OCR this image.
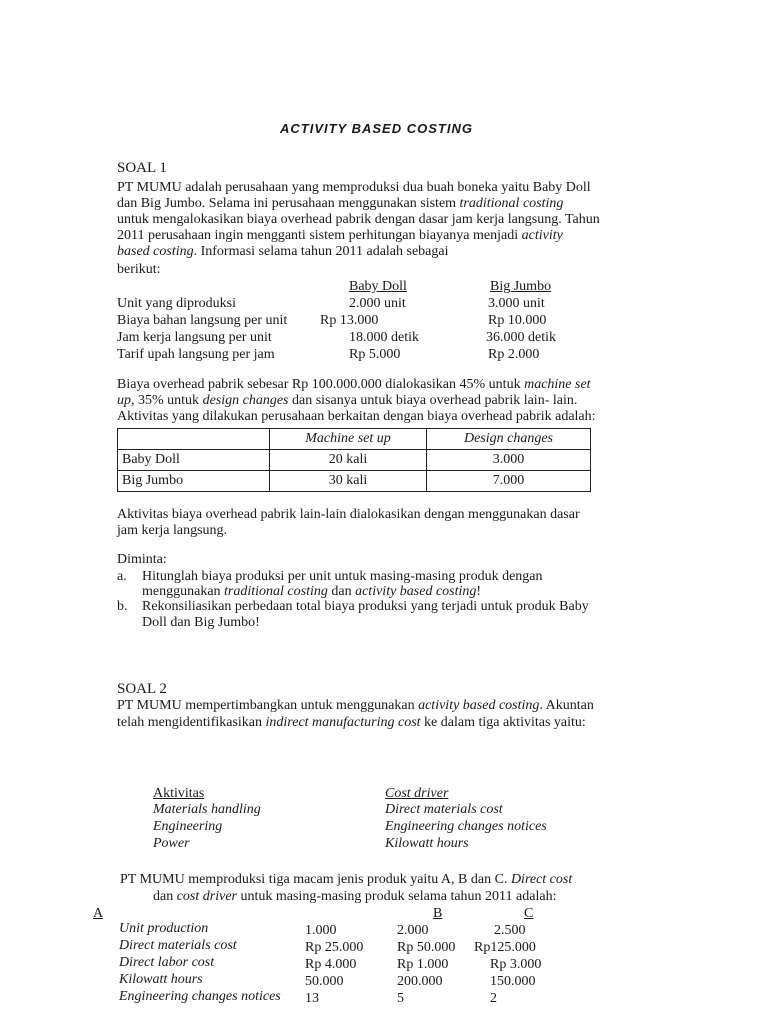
ACTIVITY BASED COSTING
SOAL 1
PT MUMU adalah perusahaan yang memproduksi dua buah boneka yaitu Baby Doll
dan Big Jumbo. Selama ini perusahaan menggunakan sistem traditional costing
untuk mengalokasikan biaya overhead pabrik dengan dasar jam kerja langsung. Tahun
2011 perusahaan ingin mengganti sistem perhitungan biayanya menjadi activity
based costing. Informasi selama tahun 2011 adalah sebagai
berikut:
Baby Doll	Big Jumbo
Unit yang diproduksi	2.000 unit	3.000 unit
Biaya bahan langsung per unit Rp 13.000	Rp 10.000
Jam kerja langsung per unit	18.000 detik	36.000 detik
Tarif upah langsung per jam	Rp 5.000	Rp 2.000
Biaya overhead pabrik sebesar Rp 100.000.000 dialokasikan 45% untuk machine set
up, 35% untuk design changes dan sisanya untuk biaya overhead pabrik lain- lain.
Aktivitas yang dilakukan perusahaan berkaitan dengan biaya overhead pabrik adalah:
	Machine set up	Design changes
Baby Doll	20 kali	3.000
Big Jumbo	30 kali	7.000
Aktivitas biaya overhead pabrik lain-lain dialokasikan dengan menggunakan dasar
jam kerja langsung.
Diminta:
a. Hitunglah biaya produksi per unit untuk masing-masing produk dengan
menggunakan traditional costing dan activity based costing!
b. Rekonsiliasikan perbedaan total biaya produksi yang terjadi untuk produk Baby
Doll dan Big Jumbo!
SOAL 2
PT MUMU mempertimbangkan untuk menggunakan activity based costing. Akuntan
telah mengidentifikasikan indirect manufacturing cost ke dalam tiga aktivitas yaitu:
Aktivitas	Cost driver
Materials handling	Direct materials cost
Engineering	Engineering changes notices
Power	Kilowatt hours
PT MUMU memproduksi tiga macam jenis produk yaitu A, B dan C. Direct cost
dan cost driver untuk masing-masing produk selama tahun 2011 adalah:
A	B	C
Unit production	1.000	2.000	2.500
Direct materials cost	Rp 25.000 Rp 50.000 Rp125.000
Direct labor cost	Rp 4.000	Rp 1.000	Rp 3.000
Kilowatt hours	50.000	200.000	150.000
Engineering changes notices 13	5	2
